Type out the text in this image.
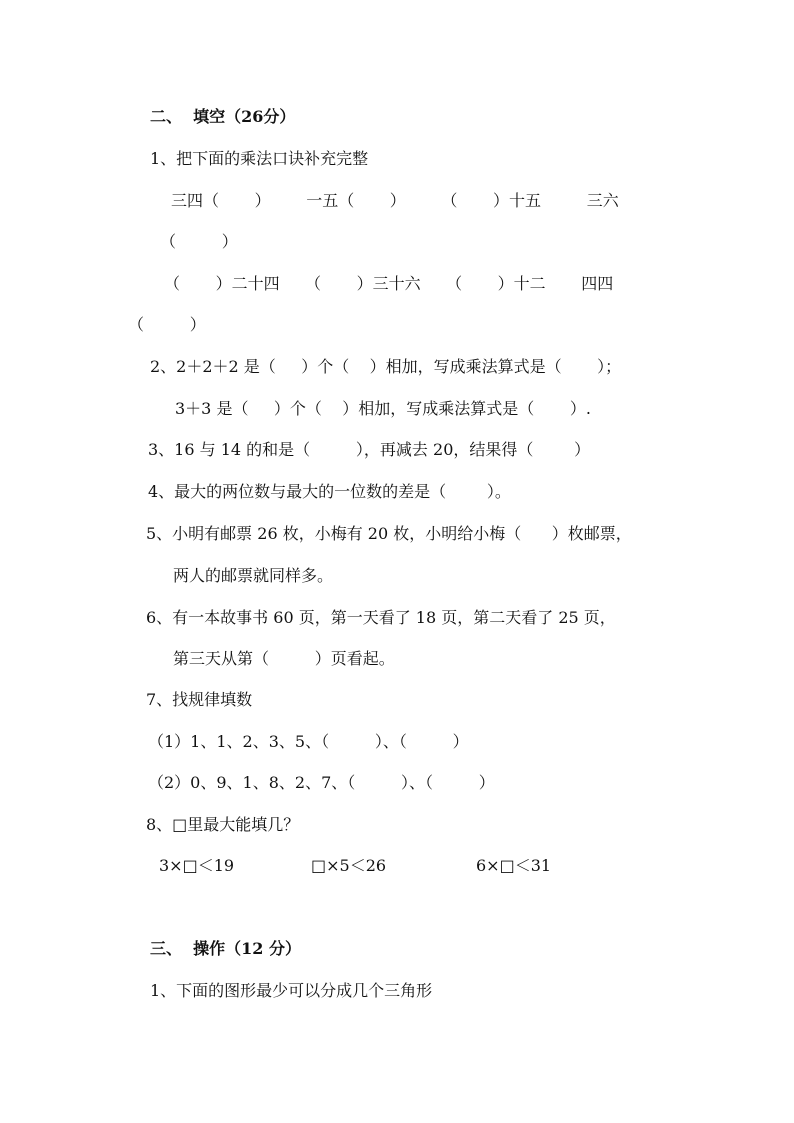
二、  填空（26分）
1、把下面的乘法口诀补充完整
三四（       ）       一五（       ）       （       ）十五         三六
（         ）
（       ）二十四     （       ）三十六     （       ）十二       四四
（         ）
2、2＋2＋2 是（     ）个（    ）相加，写成乘法算式是（       ）；
3＋3 是（     ）个（    ）相加，写成乘法算式是（       ）.
3、16 与 14 的和是（         ），再减去 20，结果得（        ）
4、最大的两位数与最大的一位数的差是（        ）。
5、小明有邮票 26 枚，小梅有 20 枚，小明给小梅（      ）枚邮票，
两人的邮票就同样多。
6、有一本故事书 60 页，第一天看了 18 页，第二天看了 25 页，
第三天从第（         ）页看起。
7、找规律填数
（1）1、1、2、3、5、（         ）、（         ）
（2）0、9、1、8、2、7、（         ）、（         ）
8、□里最大能填几？
3×□＜19	□×5＜26	6×□＜31
三、  操作（12 分）
1、下面的图形最少可以分成几个三角形
